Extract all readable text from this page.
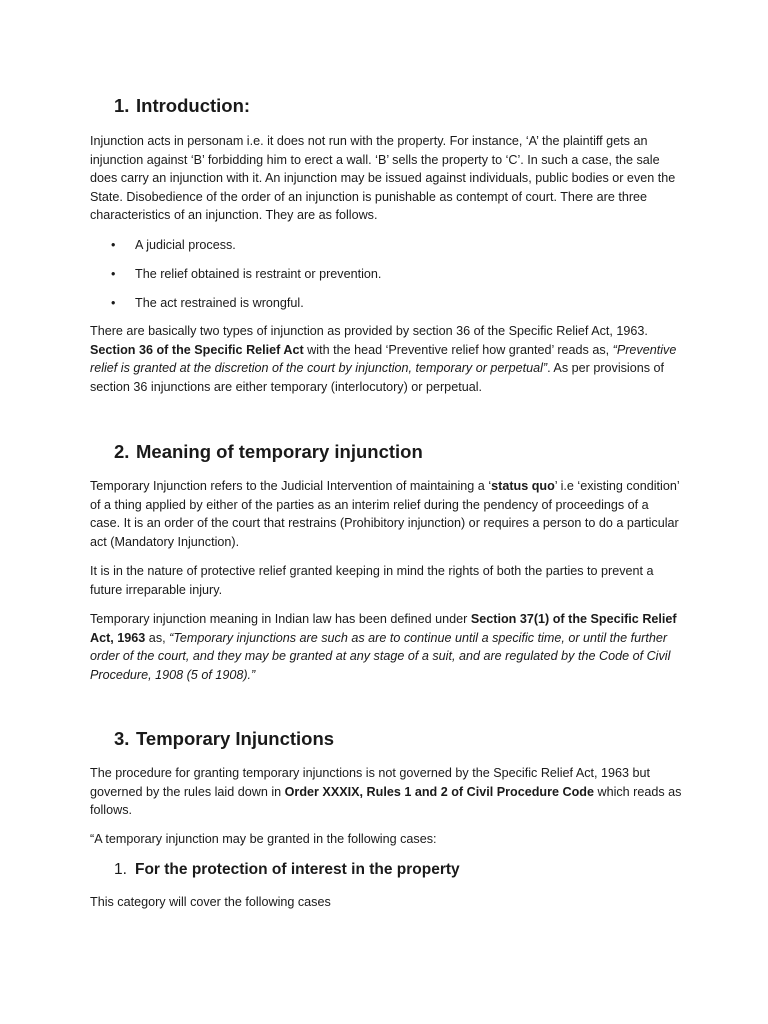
1. Introduction:
Injunction acts in personam i.e. it does not run with the property. For instance, ‘A’ the plaintiff gets an injunction against ‘B’ forbidding him to erect a wall. ‘B’ sells the property to ‘C’. In such a case, the sale does carry an injunction with it. An injunction may be issued against individuals, public bodies or even the State. Disobedience of the order of an injunction is punishable as contempt of court. There are three characteristics of an injunction. They are as follows.
• A judicial process.
• The relief obtained is restraint or prevention.
• The act restrained is wrongful.
There are basically two types of injunction as provided by section 36 of the Specific Relief Act, 1963. Section 36 of the Specific Relief Act with the head ‘Preventive relief how granted’ reads as, “Preventive relief is granted at the discretion of the court by injunction, temporary or perpetual”. As per provisions of section 36 injunctions are either temporary (interlocutory) or perpetual.
2. Meaning of temporary injunction
Temporary Injunction refers to the Judicial Intervention of maintaining a ‘status quo’ i.e ‘existing condition’ of a thing applied by either of the parties as an interim relief during the pendency of proceedings of a case. It is an order of the court that restrains (Prohibitory injunction) or requires a person to do a particular act (Mandatory Injunction).
It is in the nature of protective relief granted keeping in mind the rights of both the parties to prevent a future irreparable injury.
Temporary injunction meaning in Indian law has been defined under Section 37(1) of the Specific Relief Act, 1963 as, “Temporary injunctions are such as are to continue until a specific time, or until the further order of the court, and they may be granted at any stage of a suit, and are regulated by the Code of Civil Procedure, 1908 (5 of 1908).”
3. Temporary Injunctions
The procedure for granting temporary injunctions is not governed by the Specific Relief Act, 1963 but governed by the rules laid down in Order XXXIX, Rules 1 and 2 of Civil Procedure Code which reads as follows.
“A temporary injunction may be granted in the following cases:
1. For the protection of interest in the property
This category will cover the following cases
